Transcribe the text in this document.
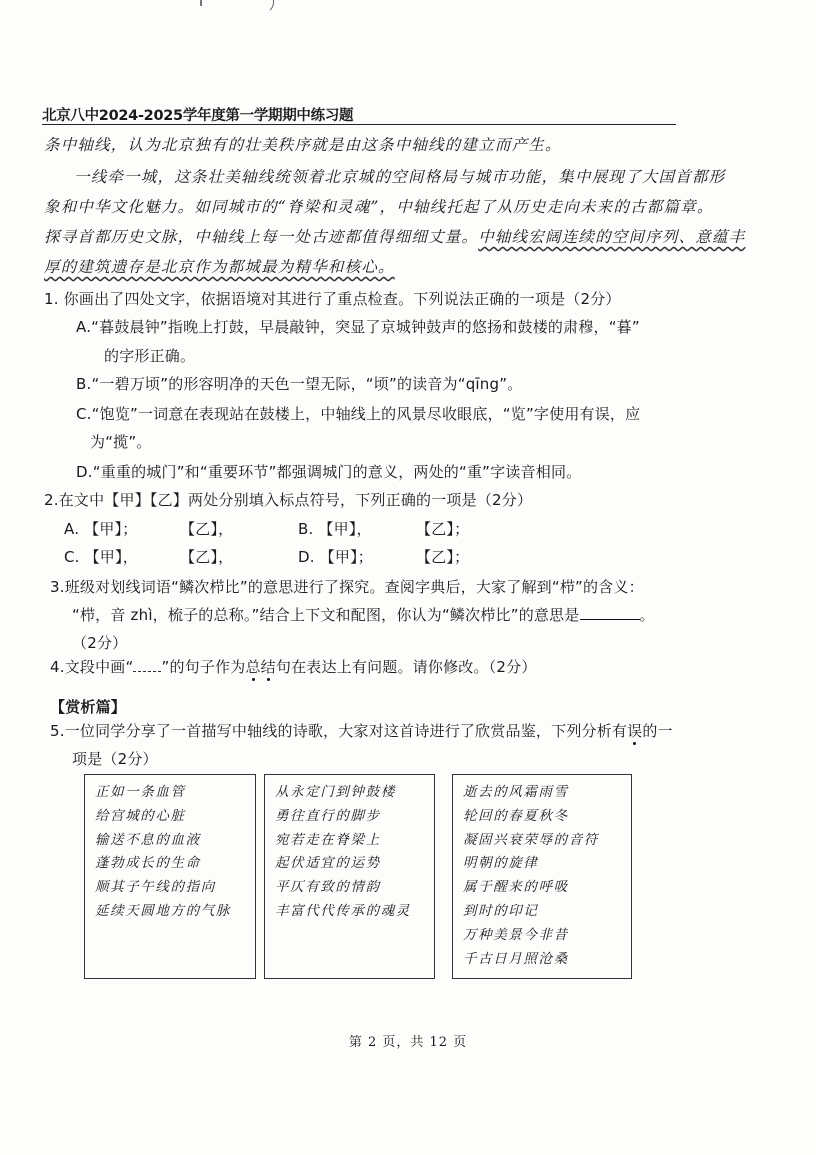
北京八中2024-2025学年度第一学期期中练习题
条中轴线，认为北京独有的壮美秩序就是由这条中轴线的建立而产生。
一线牵一城，这条壮美轴线统领着北京城的空间格局与城市功能，集中展现了大国首都形
象和中华文化魅力。如同城市的“脊梁和灵魂”，中轴线托起了从历史走向未来的古都篇章。
探寻首都历史文脉，中轴线上每一处古迹都值得细细丈量。中轴线宏阔连续的空间序列、意蕴丰
厚的建筑遗存是北京作为都城最为精华和核心。
1. 你画出了四处文字，依据语境对其进行了重点检查。下列说法正确的一项是（2分）
A.“暮鼓晨钟”指晚上打鼓，早晨敲钟，突显了京城钟鼓声的悠扬和鼓楼的肃穆，“暮”
的字形正确。
B.“一碧万顷”的形容明净的天色一望无际，“顷”的读音为“qīng”。
C.“饱览”一词意在表现站在鼓楼上，中轴线上的风景尽收眼底，“览”字使用有误，应
为“揽”。
D.“重重的城门”和“重要环节”都强调城门的意义，两处的“重”字读音相同。
2.在文中【甲】【乙】两处分别填入标点符号，下列正确的一项是（2分）
A. 【甲】；	【乙】，	B. 【甲】，	【乙】；
C. 【甲】，	【乙】，	D. 【甲】；	【乙】；
3.班级对划线词语“鳞次栉比”的意思进行了探究。查阅字典后，大家了解到“栉”的含义：
“栉，音 zhì，梳子的总称。”结合上下文和配图，你认为“鳞次栉比”的意思是	。
（2分）
4.文段中画“ ”的句子作为总结句在表达上有问题。请你修改。（2分）
【赏析篇】
5.一位同学分享了一首描写中轴线的诗歌，大家对这首诗进行了欣赏品鉴，下列分析有误的一
项是（2分）
正如一条血管
给宫城的心脏
输送不息的血液
蓬勃成长的生命
顺其子午线的指向
延续天圆地方的气脉
从永定门到钟鼓楼
勇往直行的脚步
宛若走在脊梁上
起伏适宜的运势
平仄有致的情韵
丰富代代传承的魂灵
逝去的风霜雨雪
轮回的春夏秋冬
凝固兴衰荣辱的音符
明朝的旋律
属于醒来的呼吸
到时的印记
万种美景今非昔
千古日月照沧桑
第 2 页，共 12 页
